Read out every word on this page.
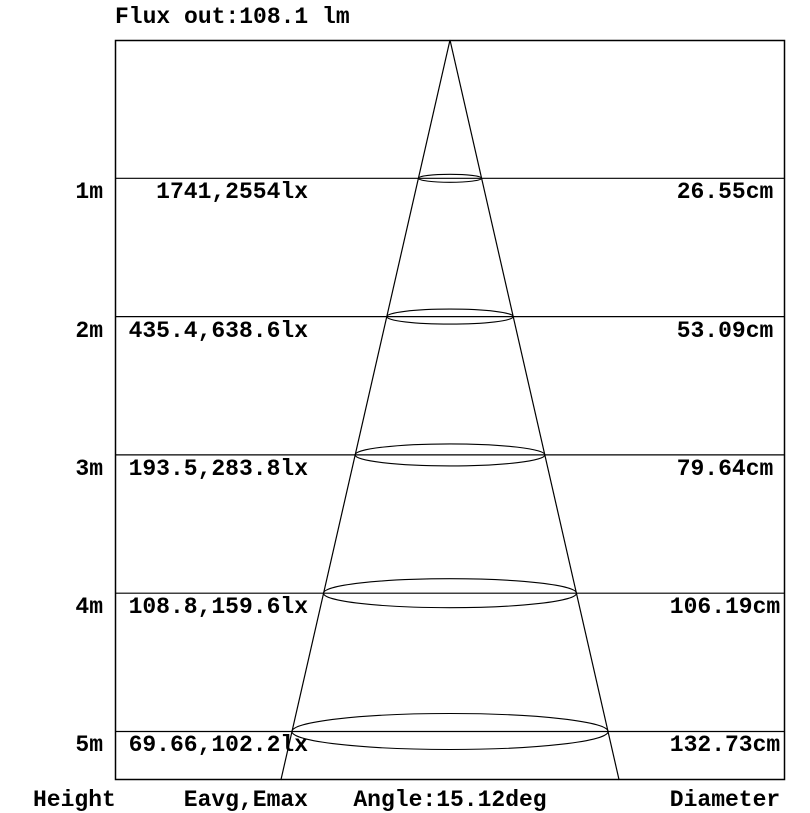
Flux out:108.1 lm
1m
2m
3m
4m
5m
1741,2554lx
435.4,638.6lx
193.5,283.8lx
108.8,159.6lx
69.66,102.2lx
26.55cm
53.09cm
79.64cm
106.19cm
132.73cm
Height	Eavg,Emax Angle:15.12deg	Diameter
